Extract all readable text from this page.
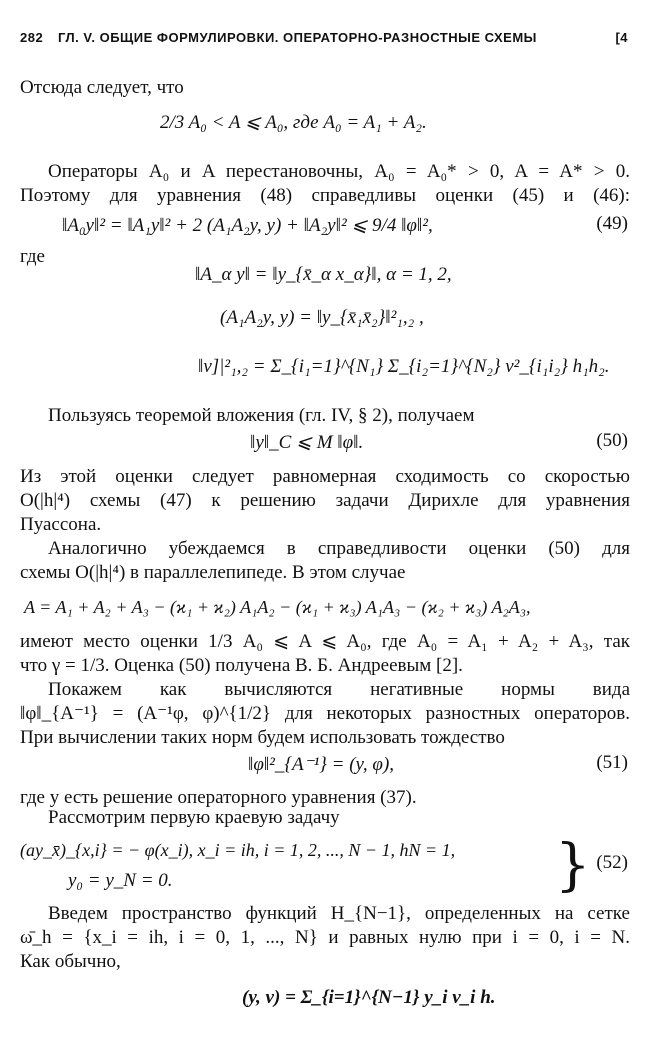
282 ГЛ. V. ОБЩИЕ ФОРМУЛИРОВКИ. ОПЕРАТОРНО-РАЗНОСТНЫЕ СХЕМЫ	[4
Отсюда следует, что
2/3 A₀ < A ⩽ A₀, где A₀ = A₁ + A₂.
Операторы A₀ и A перестановочны, A₀ = A₀* > 0, A = A* > 0.
Поэтому для уравнения (48) справедливы оценки (45) и (46):
‖A₀y‖² = ‖A₁y‖² + 2 (A₁A₂y, y) + ‖A₂y‖² ⩽ 9/4 ‖φ‖²,	(49)
где
‖A_α y‖ = ‖y_{x̄_α x_α}‖, α = 1, 2,
(A₁A₂y, y) = ‖y_{x̄₁x̄₂}‖²₁,₂ ,
‖v]|²₁,₂ = Σ_{i₁=1}^{N₁} Σ_{i₂=1}^{N₂} v²_{i₁i₂} h₁h₂.
Пользуясь теоремой вложения (гл. IV, § 2), получаем
‖y‖_C ⩽ M ‖φ‖.	(50)
Из этой оценки следует равномерная сходимость со скоростью
O(|h|⁴) схемы (47) к решению задачи Дирихле для уравнения
Пуассона.
Аналогично убеждаемся в справедливости оценки (50) для
схемы O(|h|⁴) в параллелепипеде. В этом случае
A = A₁ + A₂ + A₃ − (ϰ₁ + ϰ₂) A₁A₂ − (ϰ₁ + ϰ₃) A₁A₃ − (ϰ₂ + ϰ₃) A₂A₃,
имеют место оценки 1/3 A₀ ⩽ A ⩽ A₀, где A₀ = A₁ + A₂ + A₃, так
что γ = 1/3. Оценка (50) получена В. Б. Андреевым [2].
Покажем как вычисляются негативные нормы вида
‖φ‖_{A⁻¹} = (A⁻¹φ, φ)^{1/2} для некоторых разностных операторов.
При вычислении таких норм будем использовать тождество
‖φ‖²_{A⁻¹} = (y, φ),	(51)
где y есть решение операторного уравнения (37).
Рассмотрим первую краевую задачу
(ay_x̄)_{x,i} = − φ(x_i), x_i = ih, i = 1, 2, ..., N − 1, hN = 1,
y₀ = y_N = 0.	} (52)
Введем пространство функций H_{N−1}, определенных на сетке
ω̄_h = {x_i = ih, i = 0, 1, ..., N} и равных нулю при i = 0, i = N.
Как обычно,
(y, v) = Σ_{i=1}^{N−1} y_i v_i h.
